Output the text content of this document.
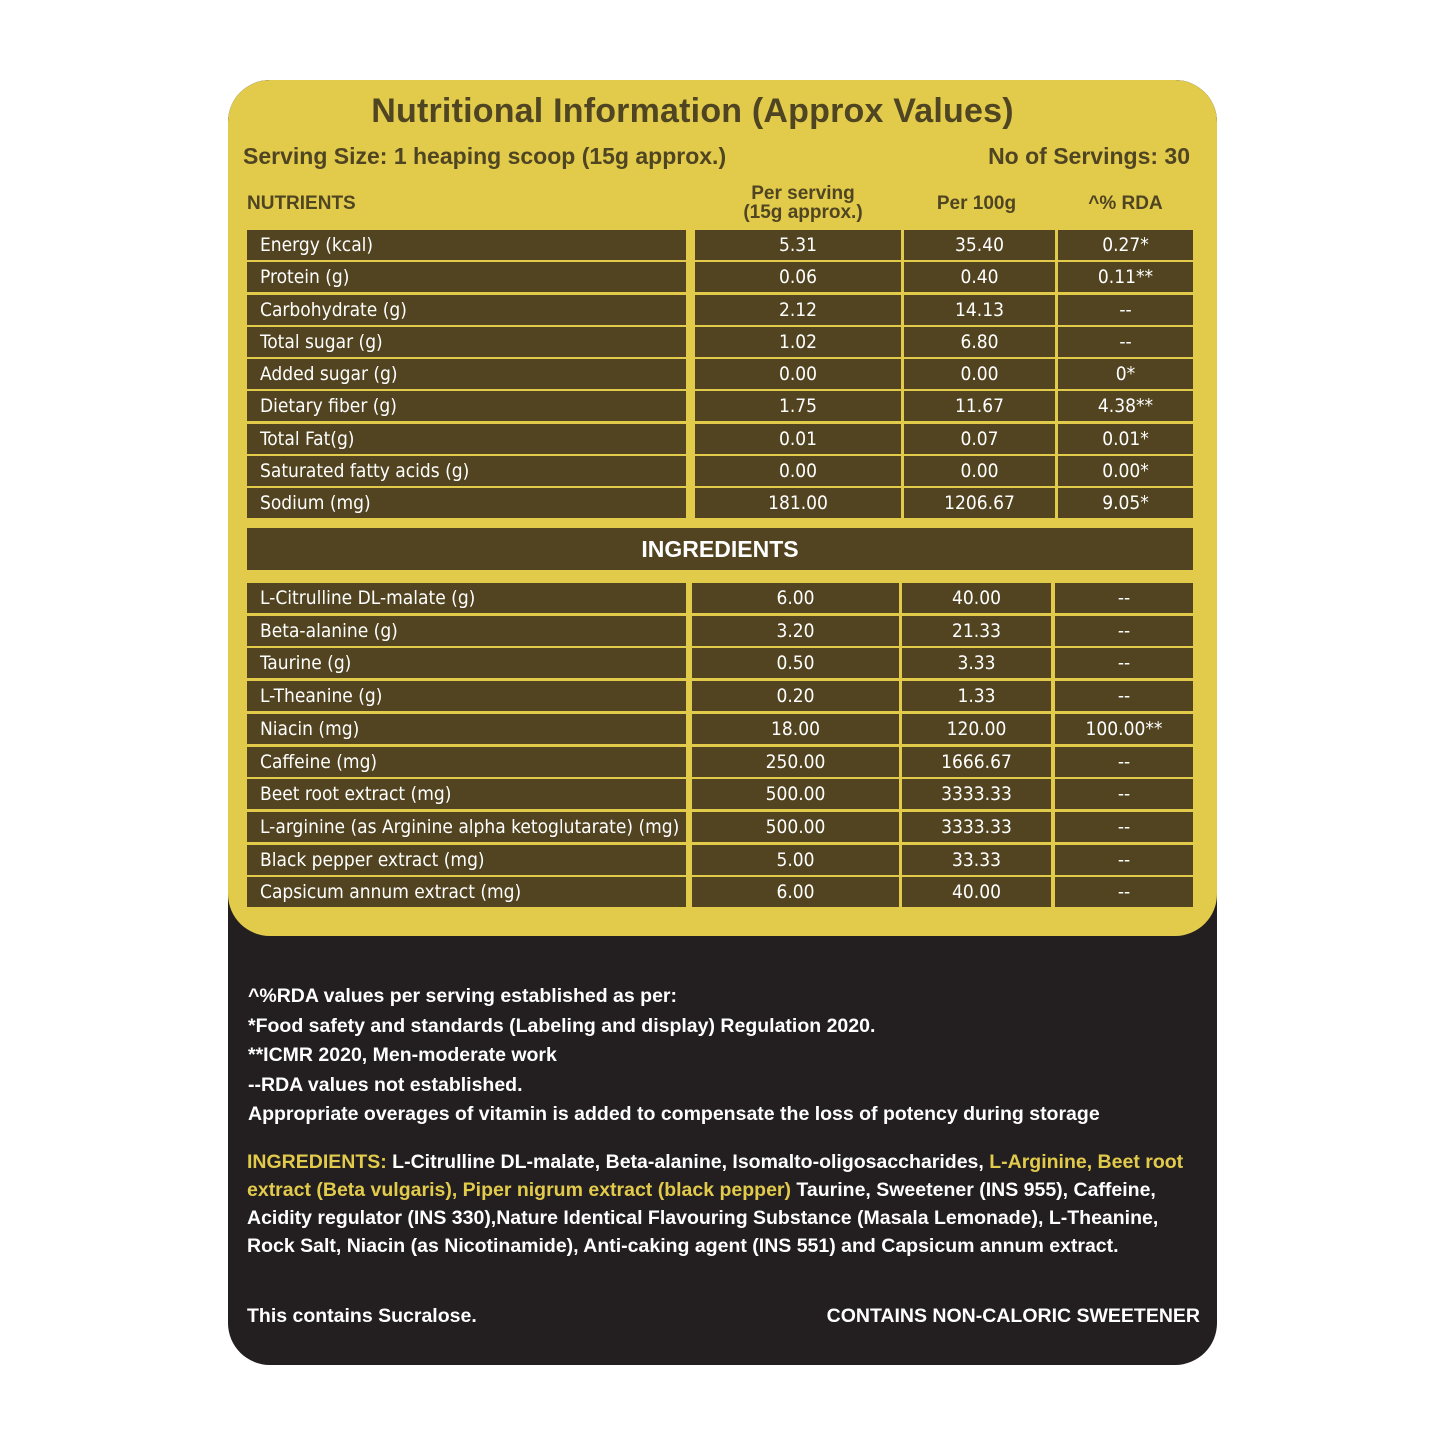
Nutritional Information (Approx Values)
Serving Size: 1 heaping scoop (15g approx.)	No of Servings: 30
NUTRIENTS	Per serving
(15g approx.)	Per 100g	^% RDA
Energy (kcal)	5.31	35.40	0.27*
Protein (g)	0.06	0.40	0.11**
Carbohydrate (g)	2.12	14.13	--
Total sugar (g)	1.02	6.80	--
Added sugar (g)	0.00	0.00	0*
Dietary fiber (g)	1.75	11.67	4.38**
Total Fat(g)	0.01	0.07	0.01*
Saturated fatty acids (g)	0.00	0.00	0.00*
Sodium (mg)	181.00	1206.67	9.05*
INGREDIENTS
L-Citrulline DL-malate (g)	6.00	40.00	--
Beta-alanine (g)	3.20	21.33	--
Taurine (g)	0.50	3.33	--
L-Theanine (g)	0.20	1.33	--
Niacin (mg)	18.00	120.00	100.00**
Caffeine (mg)	250.00	1666.67	--
Beet root extract (mg)	500.00	3333.33	--
L-arginine (as Arginine alpha ketoglutarate) (mg)	500.00	3333.33	--
Black pepper extract (mg)	5.00	33.33	--
Capsicum annum extract (mg)	6.00	40.00	--
^%RDA values per serving established as per:
*Food safety and standards (Labeling and display) Regulation 2020.
**ICMR 2020, Men-moderate work
--RDA values not established.
Appropriate overages of vitamin is added to compensate the loss of potency during storage
INGREDIENTS: L-Citrulline DL-malate, Beta-alanine, Isomalto-oligosaccharides, L-Arginine, Beet root extract (Beta vulgaris), Piper nigrum extract (black pepper) Taurine, Sweetener (INS 955), Caffeine, Acidity regulator (INS 330),Nature Identical Flavouring Substance (Masala Lemonade), L-Theanine, Rock Salt, Niacin (as Nicotinamide), Anti-caking agent (INS 551) and Capsicum annum extract.
This contains Sucralose.	CONTAINS NON-CALORIC SWEETENER
